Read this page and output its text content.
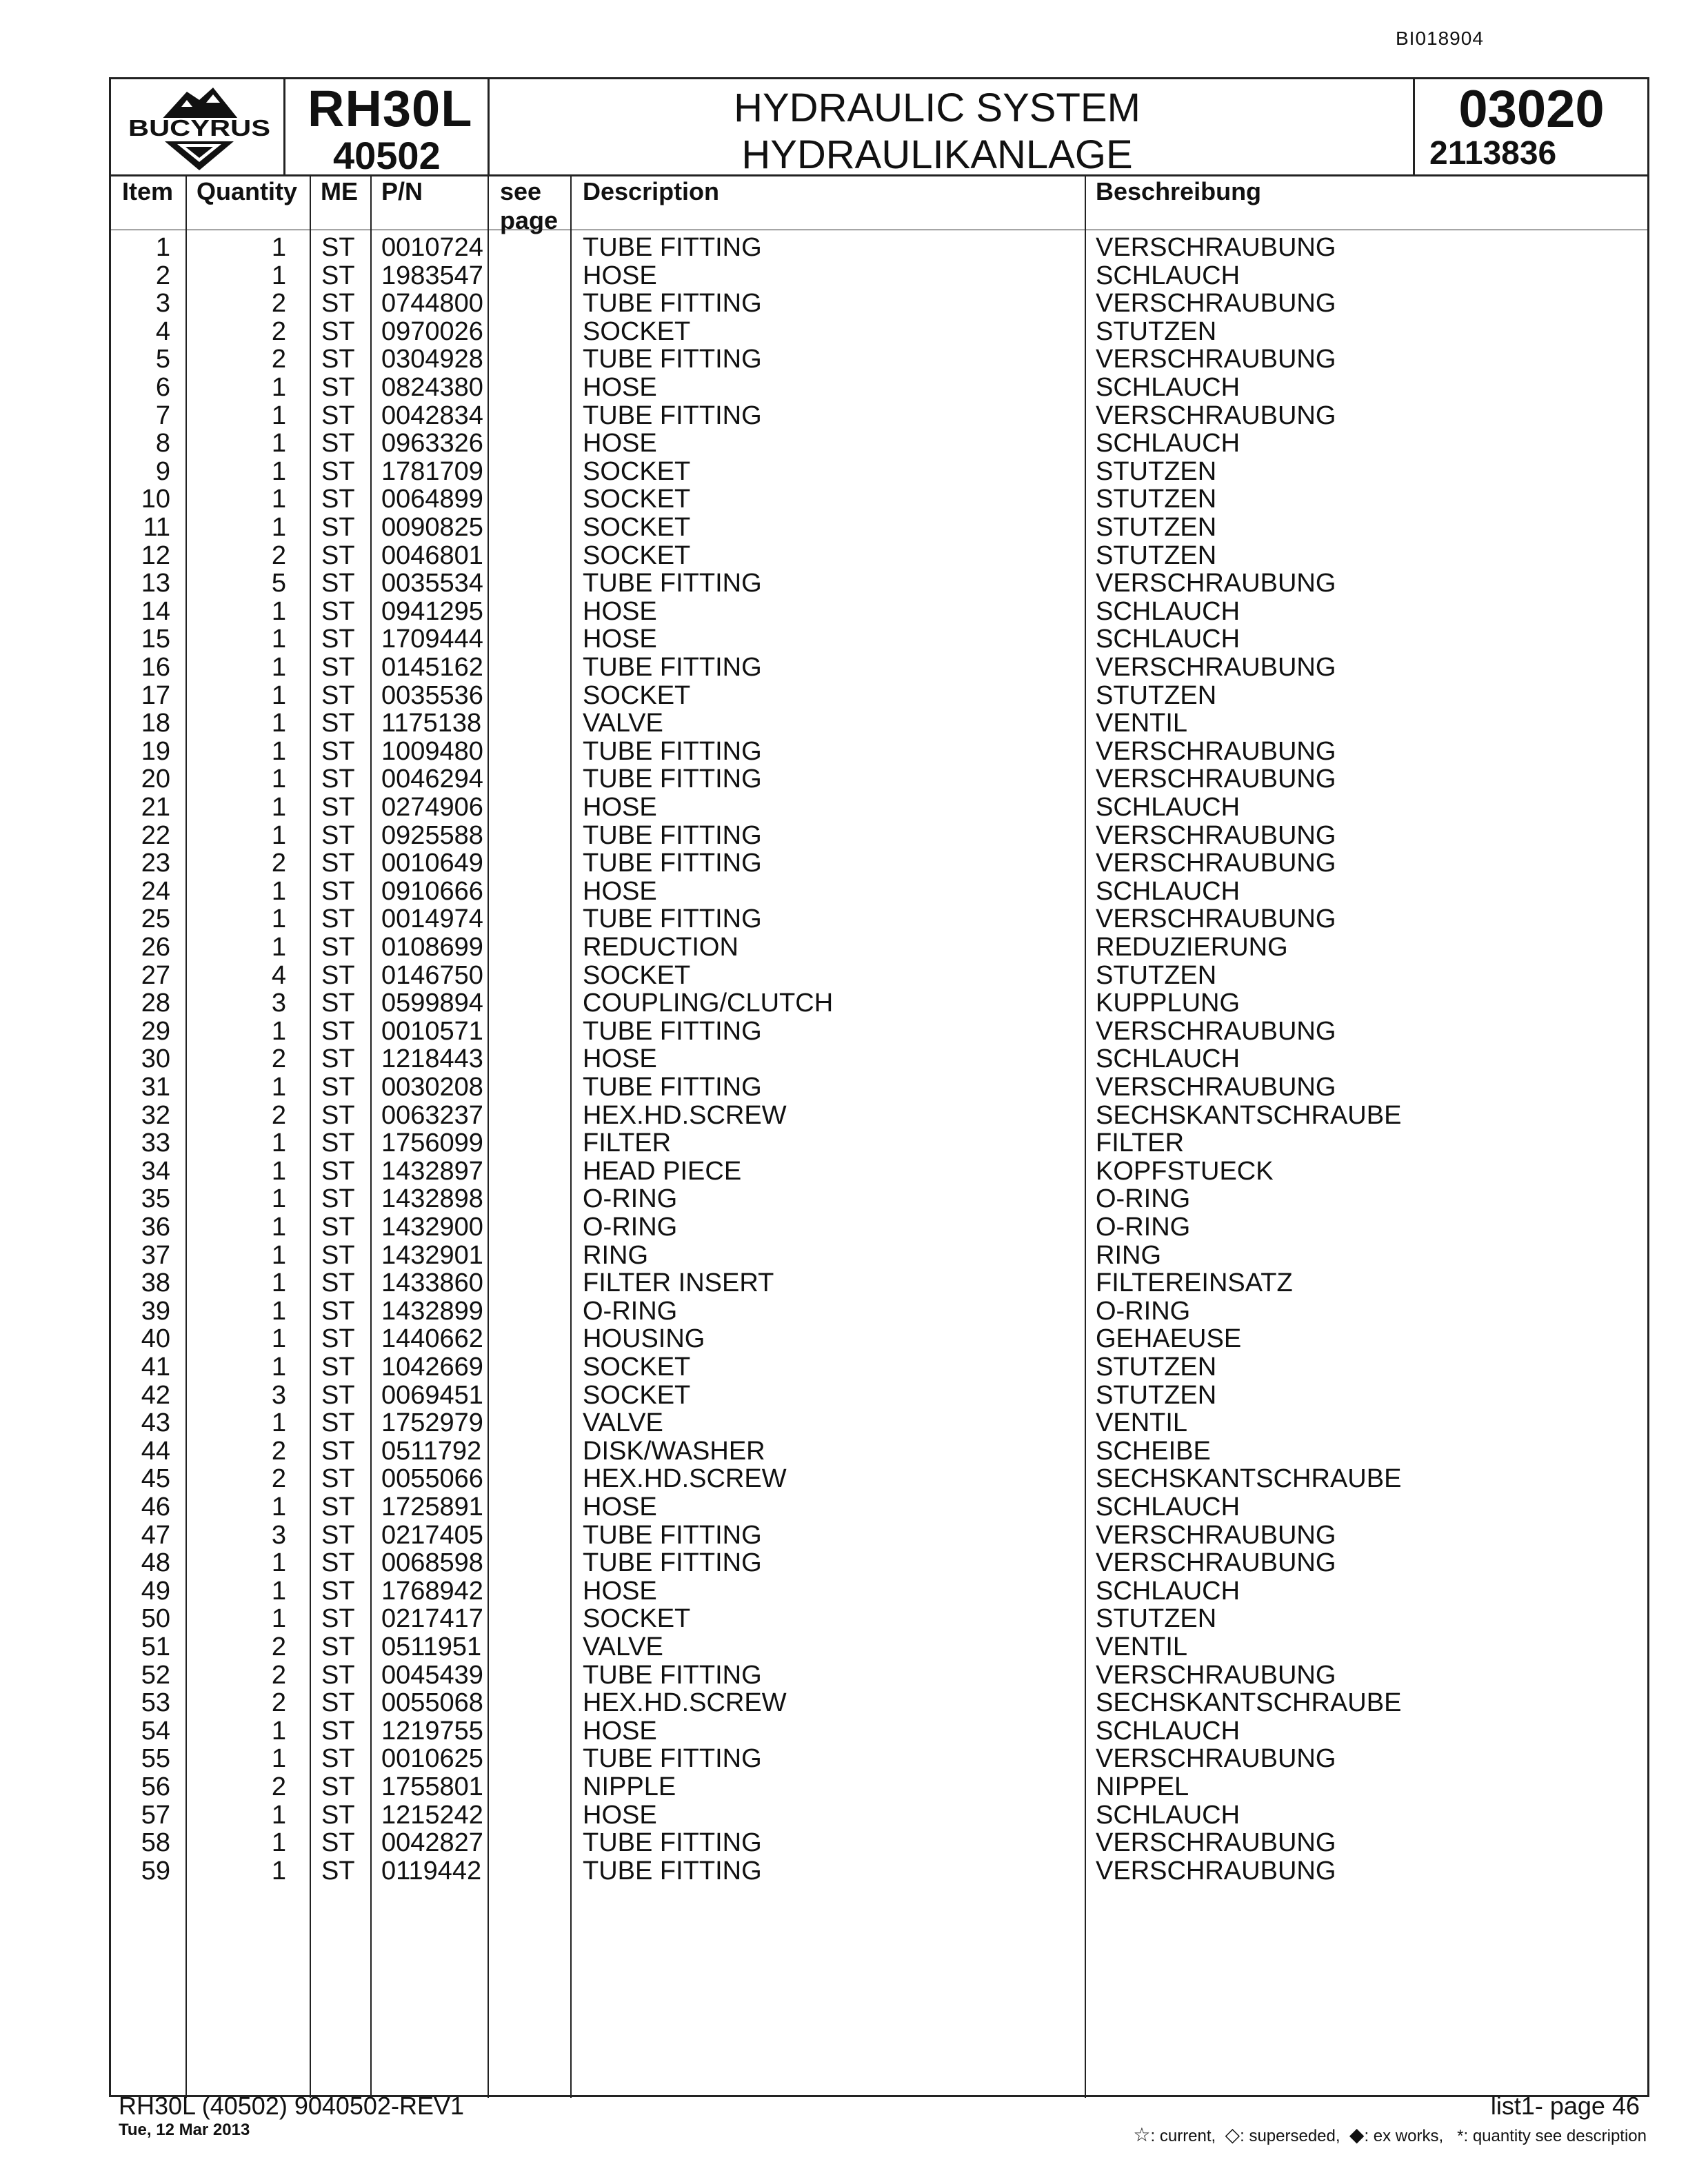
BI018904
BUCYRUS RH30L
40502
HYDRAULIC SYSTEM
HYDRAULIKANLAGE
03020
2113836
Item Quantity ME P/N	see
page
Description	Beschreibung
1	1 ST 0010724	TUBE FITTING	VERSCHRAUBUNG
2	1 ST 1983547	HOSE	SCHLAUCH
3	2 ST 0744800	TUBE FITTING	VERSCHRAUBUNG
4	2 ST 0970026	SOCKET	STUTZEN
5	2 ST 0304928	TUBE FITTING	VERSCHRAUBUNG
6	1 ST 0824380	HOSE	SCHLAUCH
7	1 ST 0042834	TUBE FITTING	VERSCHRAUBUNG
8	1 ST 0963326	HOSE	SCHLAUCH
9	1 ST 1781709	SOCKET	STUTZEN
10	1 ST 0064899	SOCKET	STUTZEN
11	1 ST 0090825	SOCKET	STUTZEN
12	2 ST 0046801	SOCKET	STUTZEN
13	5 ST 0035534	TUBE FITTING	VERSCHRAUBUNG
14	1 ST 0941295	HOSE	SCHLAUCH
15	1 ST 1709444	HOSE	SCHLAUCH
16	1 ST 0145162	TUBE FITTING	VERSCHRAUBUNG
17	1 ST 0035536	SOCKET	STUTZEN
18	1 ST 1175138	VALVE	VENTIL
19	1 ST 1009480	TUBE FITTING	VERSCHRAUBUNG
20	1 ST 0046294	TUBE FITTING	VERSCHRAUBUNG
21	1 ST 0274906	HOSE	SCHLAUCH
22	1 ST 0925588	TUBE FITTING	VERSCHRAUBUNG
23	2 ST 0010649	TUBE FITTING	VERSCHRAUBUNG
24	1 ST 0910666	HOSE	SCHLAUCH
25	1 ST 0014974	TUBE FITTING	VERSCHRAUBUNG
26	1 ST 0108699	REDUCTION	REDUZIERUNG
27	4 ST 0146750	SOCKET	STUTZEN
28	3 ST 0599894	COUPLING/CLUTCH	KUPPLUNG
29	1 ST 0010571	TUBE FITTING	VERSCHRAUBUNG
30	2 ST 1218443	HOSE	SCHLAUCH
31	1 ST 0030208	TUBE FITTING	VERSCHRAUBUNG
32	2 ST 0063237	HEX.HD.SCREW	SECHSKANTSCHRAUBE
33	1 ST 1756099	FILTER	FILTER
34	1 ST 1432897	HEAD PIECE	KOPFSTUECK
35	1 ST 1432898	O-RING	O-RING
36	1 ST 1432900	O-RING	O-RING
37	1 ST 1432901	RING	RING
38	1 ST 1433860	FILTER INSERT	FILTEREINSATZ
39	1 ST 1432899	O-RING	O-RING
40	1 ST 1440662	HOUSING	GEHAEUSE
41	1 ST 1042669	SOCKET	STUTZEN
42	3 ST 0069451	SOCKET	STUTZEN
43	1 ST 1752979	VALVE	VENTIL
44	2 ST 0511792	DISK/WASHER	SCHEIBE
45	2 ST 0055066	HEX.HD.SCREW	SECHSKANTSCHRAUBE
46	1 ST 1725891	HOSE	SCHLAUCH
47	3 ST 0217405	TUBE FITTING	VERSCHRAUBUNG
48	1 ST 0068598	TUBE FITTING	VERSCHRAUBUNG
49	1 ST 1768942	HOSE	SCHLAUCH
50	1 ST 0217417	SOCKET	STUTZEN
51	2 ST 0511951	VALVE	VENTIL
52	2 ST 0045439	TUBE FITTING	VERSCHRAUBUNG
53	2 ST 0055068	HEX.HD.SCREW	SECHSKANTSCHRAUBE
54	1 ST 1219755	HOSE	SCHLAUCH
55	1 ST 0010625	TUBE FITTING	VERSCHRAUBUNG
56	2 ST 1755801	NIPPLE	NIPPEL
57	1 ST 1215242	HOSE	SCHLAUCH
58	1 ST 0042827	TUBE FITTING	VERSCHRAUBUNG
59	1 ST 0119442	TUBE FITTING	VERSCHRAUBUNG
RH30L (40502) 9040502-REV1
Tue, 12 Mar 2013
list1- page 46
☆: current, ◇: superseded, ◆: ex works, *: quantity see description
